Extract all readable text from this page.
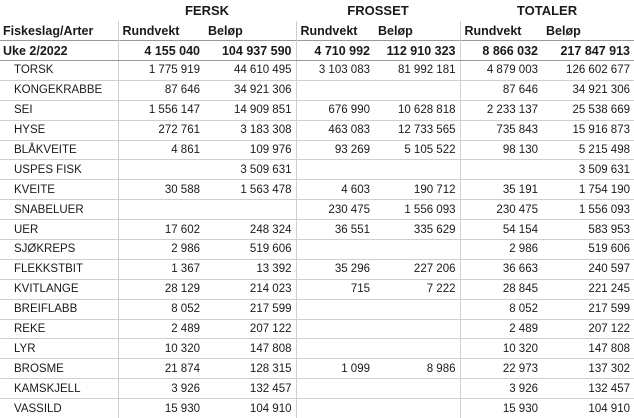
	FERSK		FROSSET		TOTALER	
Fiskeslag/Arter	Rundvekt	Beløp	Rundvekt	Beløp	Rundvekt	Beløp
Uke 2/2022	4 155 040	104 937 590	4 710 992	112 910 323	8 866 032	217 847 913
TORSK	1 775 919	44 610 495	3 103 083	81 992 181	4 879 003	126 602 677
KONGEKRABBE	87 646	34 921 306			87 646	34 921 306
SEI	1 556 147	14 909 851	676 990	10 628 818	2 233 137	25 538 669
HYSE	272 761	3 183 308	463 083	12 733 565	735 843	15 916 873
BLÅKVEITE	4 861	109 976	93 269	5 105 522	98 130	5 215 498
USPES FISK		3 509 631				3 509 631
KVEITE	30 588	1 563 478	4 603	190 712	35 191	1 754 190
SNABELUER			230 475	1 556 093	230 475	1 556 093
UER	17 602	248 324	36 551	335 629	54 154	583 953
SJØKREPS	2 986	519 606			2 986	519 606
FLEKKSTBIT	1 367	13 392	35 296	227 206	36 663	240 597
KVITLANGE	28 129	214 023	715	7 222	28 845	221 245
BREIFLABB	8 052	217 599			8 052	217 599
REKE	2 489	207 122			2 489	207 122
LYR	10 320	147 808			10 320	147 808
BROSME	21 874	128 315	1 099	8 986	22 973	137 302
KAMSKJELL	3 926	132 457			3 926	132 457
VASSILD	15 930	104 910			15 930	104 910
